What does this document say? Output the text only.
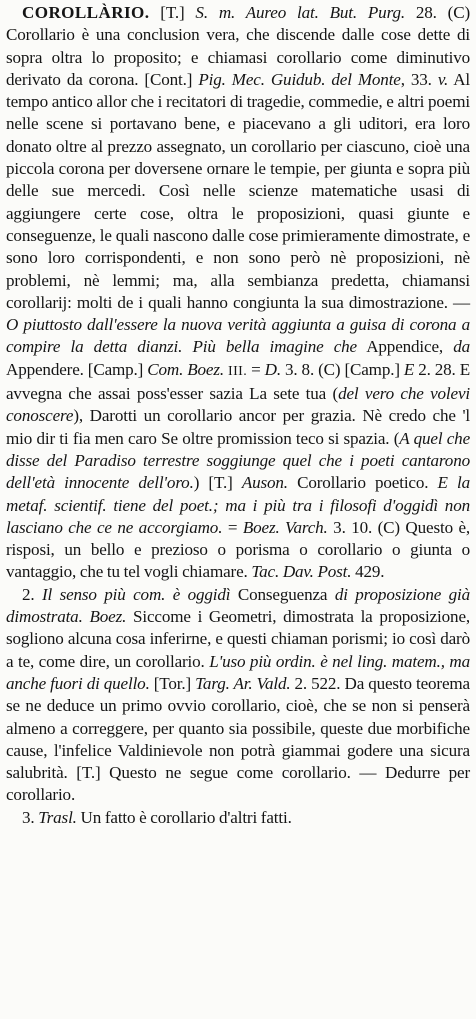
COROLLÀRIO. [T.] S. m. Aureo lat. But. Purg. 28. (C) Corollario è una conclusion vera, che discende dalle cose dette di sopra oltra lo proposito; e chiamasi corollario come diminutivo derivato da corona. [Cont.] Pig. Mec. Guidub. del Monte, 33. v. Al tempo antico allor che i recitatori di tragedie, commedie, e altri poemi nelle scene si portavano bene, e piacevano a gli uditori, era loro donato oltre al prezzo assegnato, un corollario per ciascuno, cioè una piccola corona per doversene ornare le tempie, per giunta e sopra più delle sue mercedi. Così nelle scienze matematiche usasi di aggiungere certe cose, oltra le proposizioni, quasi giunte e conseguenze, le quali nascono dalle cose primieramente dimostrate, e sono loro corrispondenti, e non sono però nè proposizioni, nè problemi, nè lemmi; ma, alla sembianza predetta, chiamansi corollarij: molti de i quali hanno congiunta la sua dimostrazione. — O piuttosto dall'essere la nuova verità aggiunta a guisa di corona a compire la detta dianzi. Più bella imagine che Appendice, da Appendere. [Camp.] Com. Boez. III. = D. 3. 8. (C) [Camp.] E 2. 28. E avvegna che assai poss'esser sazia La sete tua (del vero che volevi conoscere), Darotti un corollario ancor per grazia. Nè credo che 'l mio dir ti fia men caro Se oltre promission teco si spazia. (A quel che disse del Paradiso terrestre soggiunge quel che i poeti cantarono dell'età innocente dell'oro.) [T.] Auson. Corollario poetico. E la metaf. scientif. tiene del poet.; ma i più tra i filosofi d'oggidì non lasciano che ce ne accorgiamo. = Boez. Varch. 3. 10. (C) Questo è, risposi, un bello e prezioso o porisma o corollario o giunta o vantaggio, che tu tel vogli chiamare. Tac. Dav. Post. 429.

2. Il senso più com. è oggidì Conseguenza di proposizione già dimostrata. Boez. Siccome i Geometri, dimostrata la proposizione, sogliono alcuna cosa inferirne, e questi chiaman porismi; io così darò a te, come dire, un corollario. L'uso più ordin. è nel ling. matem., ma anche fuori di quello. [Tor.] Targ. Ar. Vald. 2. 522. Da questo teorema se ne deduce un primo ovvio corollario, cioè, che se non si penserà almeno a correggere, per quanto sia possibile, queste due morbifiche cause, l'infelice Valdinievole non potrà giammai godere una sicura salubrità. [T.] Questo ne segue come corollario. — Dedurre per corollario.

3. Trasl. Un fatto è corollario d'altri fatti.
